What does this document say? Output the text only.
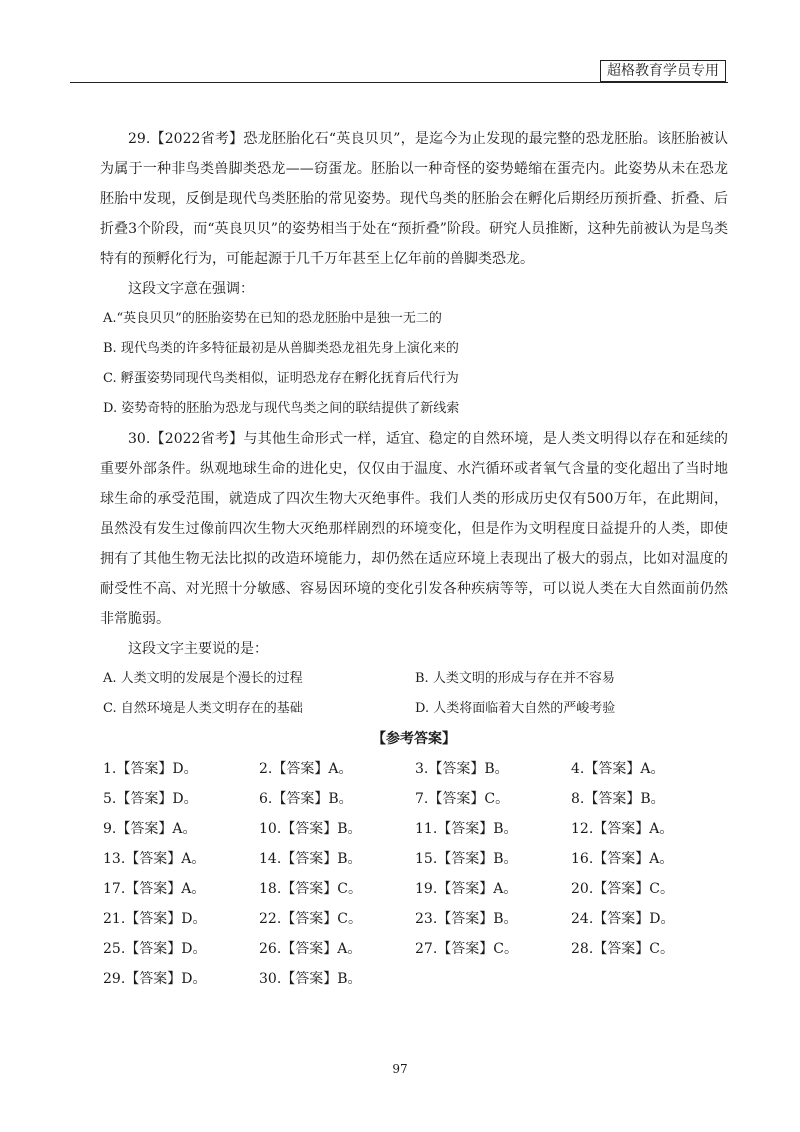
超格教育学员专用

29.【2022省考】恐龙胚胎化石“英良贝贝”，是迄今为止发现的最完整的恐龙胚胎。该胚胎被认为属于一种非鸟类兽脚类恐龙——窃蛋龙。胚胎以一种奇怪的姿势蜷缩在蛋壳内。此姿势从未在恐龙胚胎中发现，反倒是现代鸟类胚胎的常见姿势。现代鸟类的胚胎会在孵化后期经历预折叠、折叠、后折叠3个阶段，而“英良贝贝”的姿势相当于处在“预折叠”阶段。研究人员推断，这种先前被认为是鸟类特有的预孵化行为，可能起源于几千万年甚至上亿年前的兽脚类恐龙。

这段文字意在强调：

A.“英良贝贝”的胚胎姿势在已知的恐龙胚胎中是独一无二的

B. 现代鸟类的许多特征最初是从兽脚类恐龙祖先身上演化来的

C. 孵蛋姿势同现代鸟类相似，证明恐龙存在孵化抚育后代行为

D. 姿势奇特的胚胎为恐龙与现代鸟类之间的联结提供了新线索

30.【2022省考】与其他生命形式一样，适宜、稳定的自然环境，是人类文明得以存在和延续的重要外部条件。纵观地球生命的进化史，仅仅由于温度、水汽循环或者氧气含量的变化超出了当时地球生命的承受范围，就造成了四次生物大灭绝事件。我们人类的形成历史仅有500万年，在此期间，虽然没有发生过像前四次生物大灭绝那样剧烈的环境变化，但是作为文明程度日益提升的人类，即使拥有了其他生物无法比拟的改造环境能力，却仍然在适应环境上表现出了极大的弱点，比如对温度的耐受性不高、对光照十分敏感、容易因环境的变化引发各种疾病等等，可以说人类在大自然面前仍然非常脆弱。

这段文字主要说的是：

A. 人类文明的发展是个漫长的过程	B. 人类文明的形成与存在并不容易

C. 自然环境是人类文明存在的基础	D. 人类将面临着大自然的严峻考验

【参考答案】
1.【答案】D。	2.【答案】A。	3.【答案】B。	4.【答案】A。
5.【答案】D。	6.【答案】B。	7.【答案】C。	8.【答案】B。
9.【答案】A。	10.【答案】B。	11.【答案】B。	12.【答案】A。
13.【答案】A。	14.【答案】B。	15.【答案】B。	16.【答案】A。
17.【答案】A。	18.【答案】C。	19.【答案】A。	20.【答案】C。
21.【答案】D。	22.【答案】C。	23.【答案】B。	24.【答案】D。
25.【答案】D。	26.【答案】A。	27.【答案】C。	28.【答案】C。
29.【答案】D。	30.【答案】B。
97
